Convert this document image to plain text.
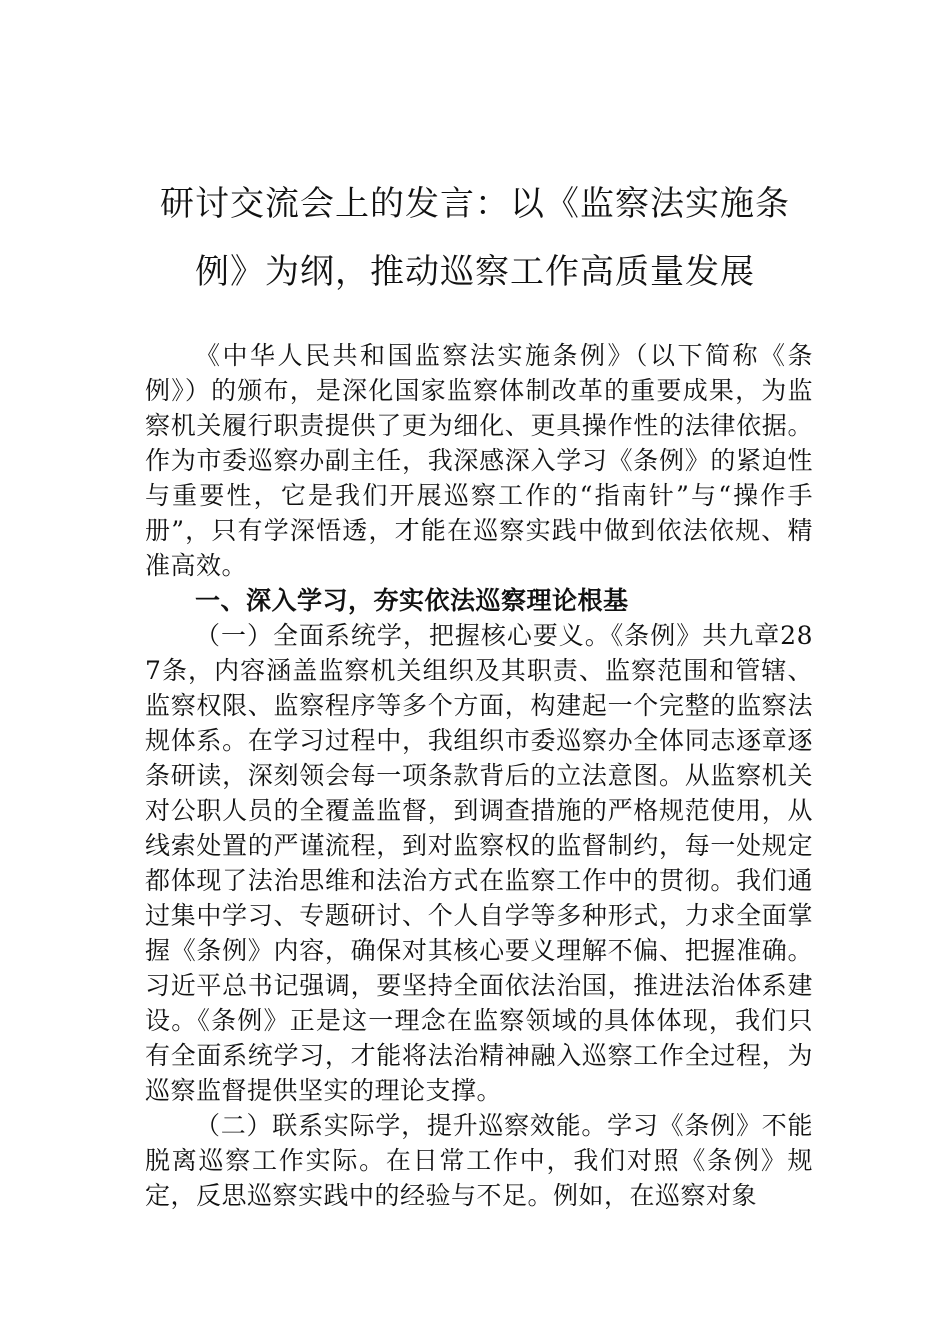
研讨交流会上的发言：以《监察法实施条
例》为纲，推动巡察工作高质量发展

《中华人民共和国监察法实施条例》（以下简称《条例》）的颁布，是深化国家监察体制改革的重要成果，为监察机关履行职责提供了更为细化、更具操作性的法律依据。作为市委巡察办副主任，我深感深入学习《条例》的紧迫性与重要性，它是我们开展巡察工作的“指南针”与“操作手册”，只有学深悟透，才能在巡察实践中做到依法依规、精准高效。

一、深入学习，夯实依法巡察理论根基

（一）全面系统学，把握核心要义。《条例》共九章287条，内容涵盖监察机关组织及其职责、监察范围和管辖、监察权限、监察程序等多个方面，构建起一个完整的监察法规体系。在学习过程中，我组织市委巡察办全体同志逐章逐条研读，深刻领会每一项条款背后的立法意图。从监察机关对公职人员的全覆盖监督，到调查措施的严格规范使用，从线索处置的严谨流程，到对监察权的监督制约，每一处规定都体现了法治思维和法治方式在监察工作中的贯彻。我们通过集中学习、专题研讨、个人自学等多种形式，力求全面掌握《条例》内容，确保对其核心要义理解不偏、把握准确。习近平总书记强调，要坚持全面依法治国，推进法治体系建设。《条例》正是这一理念在监察领域的具体体现，我们只有全面系统学习，才能将法治精神融入巡察工作全过程，为巡察监督提供坚实的理论支撑。

（二）联系实际学，提升巡察效能。学习《条例》不能脱离巡察工作实际。在日常工作中，我们对照《条例》规定，反思巡察实践中的经验与不足。例如，在巡察对象
